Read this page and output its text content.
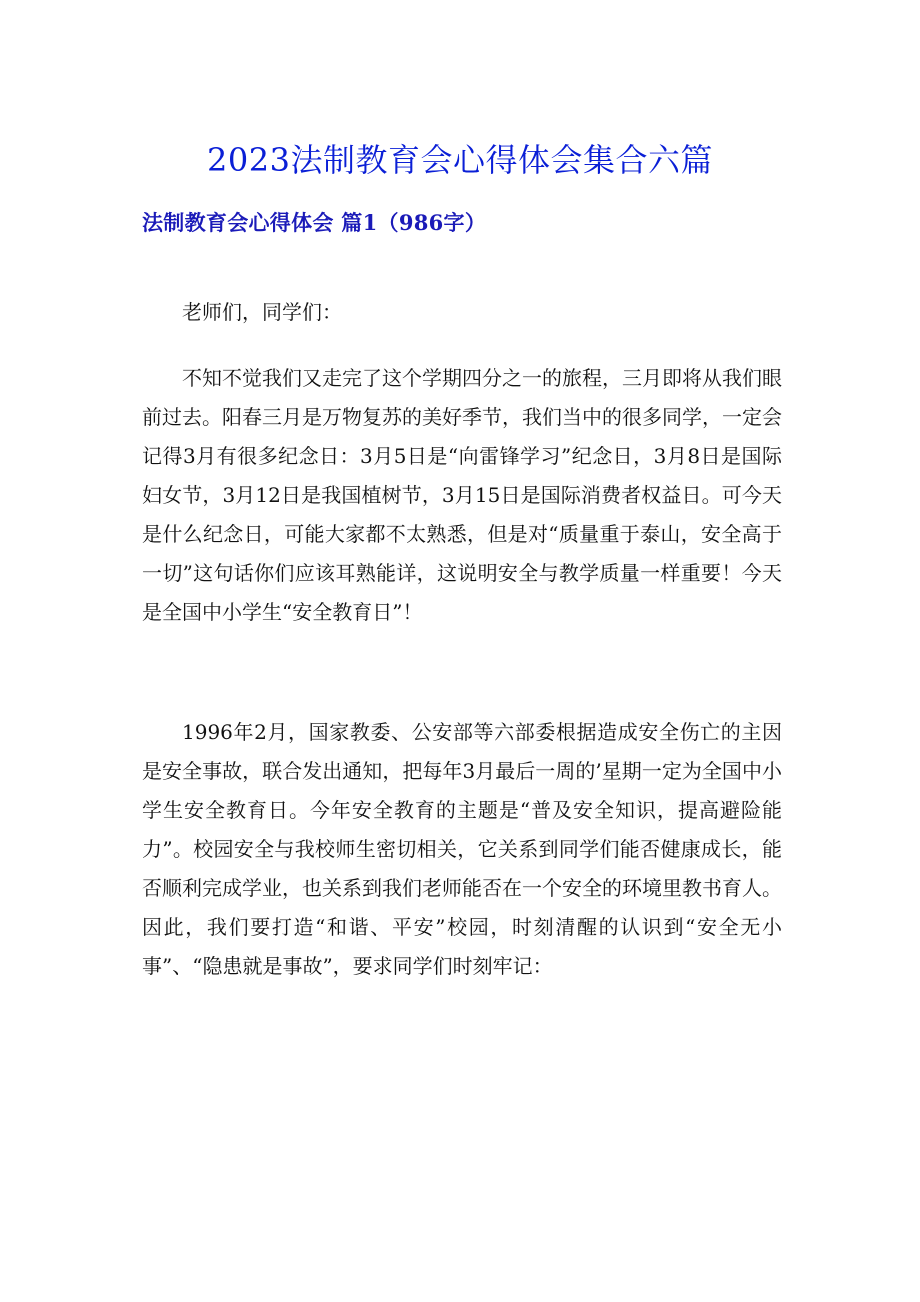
2023法制教育会心得体会集合六篇
法制教育会心得体会 篇1（986字）

老师们，同学们：

不知不觉我们又走完了这个学期四分之一的旅程，三月即将从我们眼前过去。阳春三月是万物复苏的美好季节，我们当中的很多同学，一定会记得3月有很多纪念日：3月5日是“向雷锋学习”纪念日，3月8日是国际妇女节，3月12日是我国植树节，3月15日是国际消费者权益日。可今天是什么纪念日，可能大家都不太熟悉，但是对“质量重于泰山，安全高于一切”这句话你们应该耳熟能详，这说明安全与教学质量一样重要！今天是全国中小学生“安全教育日”！

1996年2月，国家教委、公安部等六部委根据造成安全伤亡的主因是安全事故，联合发出通知，把每年3月最后一周的’星期一定为全国中小学生安全教育日。今年安全教育的主题是“普及安全知识，提高避险能力”。校园安全与我校师生密切相关，它关系到同学们能否健康成长，能否顺利完成学业，也关系到我们老师能否在一个安全的环境里教书育人。因此，我们要打造“和谐、平安”校园，时刻清醒的认识到“安全无小事”、“隐患就是事故”，要求同学们时刻牢记：
